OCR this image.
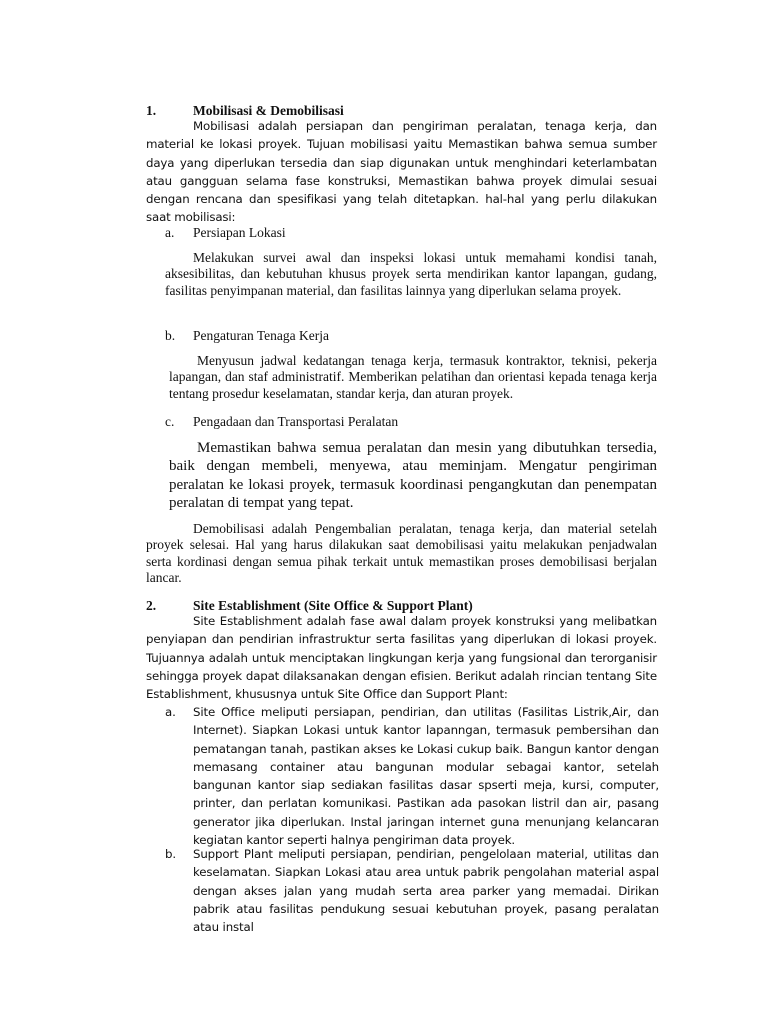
1.	Mobilisasi & Demobilisasi

Mobilisasi adalah persiapan dan pengiriman peralatan, tenaga kerja, dan material ke lokasi proyek. Tujuan mobilisasi yaitu Memastikan bahwa semua sumber daya yang diperlukan tersedia dan siap digunakan untuk menghindari keterlambatan atau gangguan selama fase konstruksi, Memastikan bahwa proyek dimulai sesuai dengan rencana dan spesifikasi yang telah ditetapkan. hal-hal yang perlu dilakukan saat mobilisasi:

a. Persiapan Lokasi

Melakukan survei awal dan inspeksi lokasi untuk memahami kondisi tanah, aksesibilitas, dan kebutuhan khusus proyek serta mendirikan kantor lapangan, gudang, fasilitas penyimpanan material, dan fasilitas lainnya yang diperlukan selama proyek.

b. Pengaturan Tenaga Kerja

Menyusun jadwal kedatangan tenaga kerja, termasuk kontraktor, teknisi, pekerja lapangan, dan staf administratif. Memberikan pelatihan dan orientasi kepada tenaga kerja tentang prosedur keselamatan, standar kerja, dan aturan proyek.

c. Pengadaan dan Transportasi Peralatan

Memastikan bahwa semua peralatan dan mesin yang dibutuhkan tersedia, baik dengan membeli, menyewa, atau meminjam. Mengatur pengiriman peralatan ke lokasi proyek, termasuk koordinasi pengangkutan dan penempatan peralatan di tempat yang tepat.

Demobilisasi adalah Pengembalian peralatan, tenaga kerja, dan material setelah proyek selesai. Hal yang harus dilakukan saat demobilisasi yaitu melakukan penjadwalan serta kordinasi dengan semua pihak terkait untuk memastikan proses demobilisasi berjalan lancar.

2.	Site Establishment (Site Office & Support Plant)

Site Establishment adalah fase awal dalam proyek konstruksi yang melibatkan penyiapan dan pendirian infrastruktur serta fasilitas yang diperlukan di lokasi proyek. Tujuannya adalah untuk menciptakan lingkungan kerja yang fungsional dan terorganisir sehingga proyek dapat dilaksanakan dengan efisien. Berikut adalah rincian tentang Site Establishment, khususnya untuk Site Office dan Support Plant:

a. Site Office meliputi persiapan, pendirian, dan utilitas (Fasilitas Listrik,Air, dan Internet). Siapkan Lokasi untuk kantor lapanngan, termasuk pembersihan dan pematangan tanah, pastikan akses ke Lokasi cukup baik. Bangun kantor dengan memasang container atau bangunan modular sebagai kantor, setelah bangunan kantor siap sediakan fasilitas dasar spserti meja, kursi, computer, printer, dan perlatan komunikasi. Pastikan ada pasokan listril dan air, pasang generator jika diperlukan. Instal jaringan internet guna menunjang kelancaran kegiatan kantor seperti halnya pengiriman data proyek.
b. Support Plant meliputi persiapan, pendirian, pengelolaan material, utilitas dan keselamatan. Siapkan Lokasi atau area untuk pabrik pengolahan material aspal dengan akses jalan yang mudah serta area parker yang memadai. Dirikan pabrik atau fasilitas pendukung sesuai kebutuhan proyek, pasang peralatan atau instal
